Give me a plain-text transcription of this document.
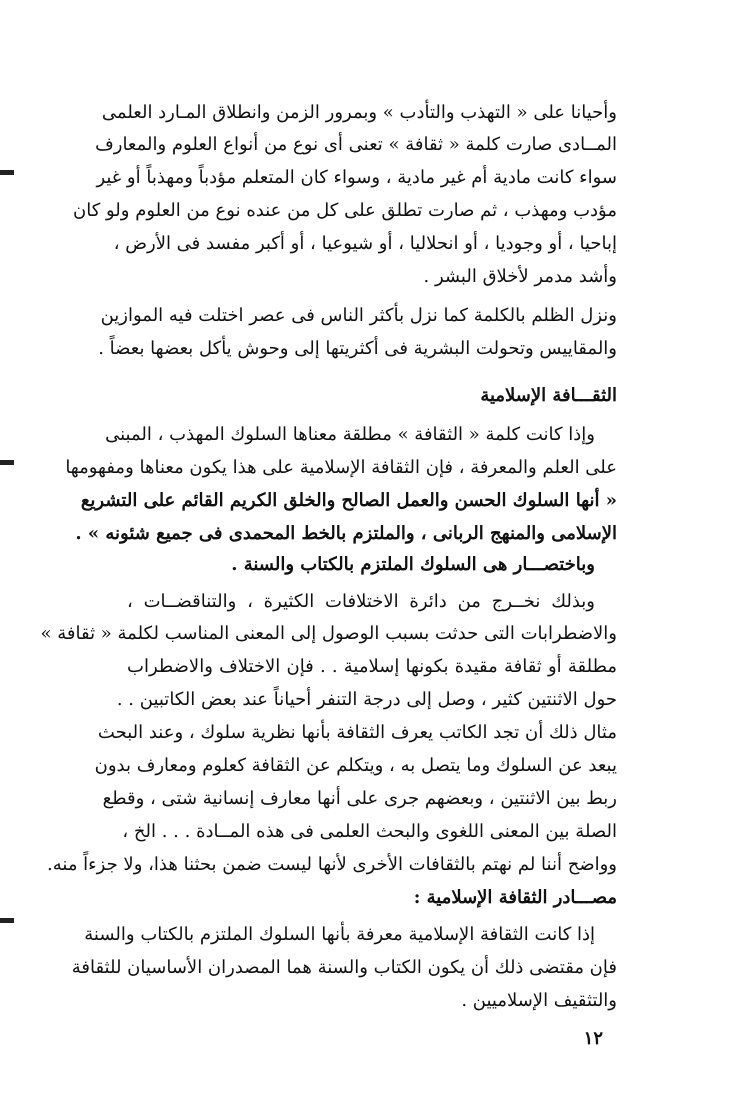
وأحيانا على « التهذب والتأدب » وبمرور الزمن وانطلاق المـارد العلمى
المــادى صارت كلمة « ثقافة » تعنى أى نوع من أنواع العلوم والمعارف
سواء كانت مادية أم غير مادية ، وسواء كان المتعلم مؤدباً ومهذباً أو غير
مؤدب ومهذب ، ثم صارت تطلق على كل من عنده نوع من العلوم ولو كان
إباحيا ، أو وجوديا ، أو انحلاليا ، أو شيوعيا ، أو أكبر مفسد فى الأرض ،
وأشد مدمر لأخلاق البشر .
ونزل الظلم بالكلمة كما نزل بأكثر الناس فى عصر اختلت فيه الموازين
والمقاييس وتحولت البشرية فى أكثريتها إلى وحوش يأكل بعضها بعضاً .
الثقـــافة الإسلامية
وإذا كانت كلمة « الثقافة » مطلقة معناها السلوك المهذب ، المبنى
على العلم والمعرفة ، فإن الثقافة الإسلامية على هذا يكون معناها ومفهومها
« أنها السلوك الحسن والعمل الصالح والخلق الكريم القائم على التشريع
الإسلامى والمنهج الربانى ، والملتزم بالخط المحمدى فى جميع شئونه » .
وباختصـــار هى السلوك الملتزم بالكتاب والسنة .
وبذلك نخــرج من دائرة الاختلافات الكثيرة ، والتناقضــات ،
والاضطرابات التى حدثت بسبب الوصول إلى المعنى المناسب لكلمة « ثقافة »
مطلقة أو ثقافة مقيدة بكونها إسلامية . . فإن الاختلاف والاضطراب
حول الاثنتين كثير ، وصل إلى درجة التنفر أحياناً عند بعض الكاتبين . .
مثال ذلك أن تجد الكاتب يعرف الثقافة بأنها نظرية سلوك ، وعند البحث
يبعد عن السلوك وما يتصل به ، ويتكلم عن الثقافة كعلوم ومعارف بدون
ربط بين الاثنتين ، وبعضهم جرى على أنها معارف إنسانية شتى ، وقطع
الصلة بين المعنى اللغوى والبحث العلمى فى هذه المــادة . . . الخ ،
وواضح أننا لم نهتم بالثقافات الأخرى لأنها ليست ضمن بحثنا هذا، ولا جزءاً منه.
مصـــادر الثقافة الإسلامية :
إذا كانت الثقافة الإسلامية معرفة بأنها السلوك الملتزم بالكتاب والسنة
فإن مقتضى ذلك أن يكون الكتاب والسنة هما المصدران الأساسيان للثقافة
والتثقيف الإسلاميين .
١٢
